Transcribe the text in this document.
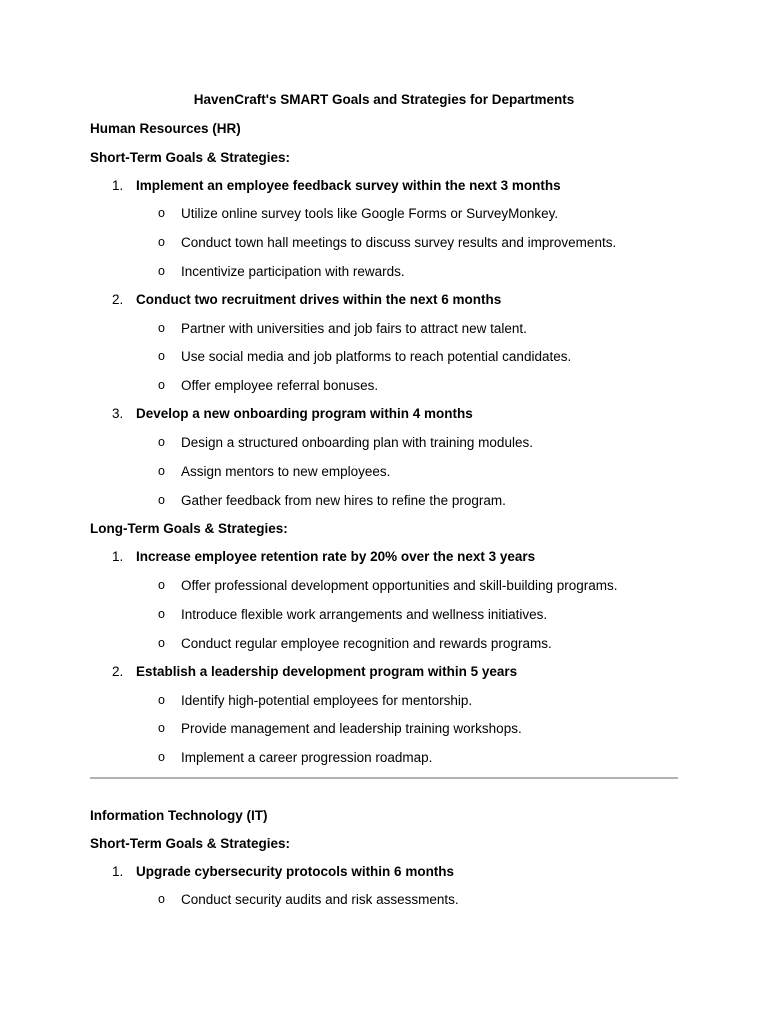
HavenCraft's SMART Goals and Strategies for Departments
Human Resources (HR)
Short-Term Goals & Strategies:
1. Implement an employee feedback survey within the next 3 months
o Utilize online survey tools like Google Forms or SurveyMonkey.
o Conduct town hall meetings to discuss survey results and improvements.
o Incentivize participation with rewards.
2. Conduct two recruitment drives within the next 6 months
o Partner with universities and job fairs to attract new talent.
o Use social media and job platforms to reach potential candidates.
o Offer employee referral bonuses.
3. Develop a new onboarding program within 4 months
o Design a structured onboarding plan with training modules.
o Assign mentors to new employees.
o Gather feedback from new hires to refine the program.
Long-Term Goals & Strategies:
1. Increase employee retention rate by 20% over the next 3 years
o Offer professional development opportunities and skill-building programs.
o Introduce flexible work arrangements and wellness initiatives.
o Conduct regular employee recognition and rewards programs.
2. Establish a leadership development program within 5 years
o Identify high-potential employees for mentorship.
o Provide management and leadership training workshops.
o Implement a career progression roadmap.
Information Technology (IT)
Short-Term Goals & Strategies:
1. Upgrade cybersecurity protocols within 6 months
o Conduct security audits and risk assessments.
